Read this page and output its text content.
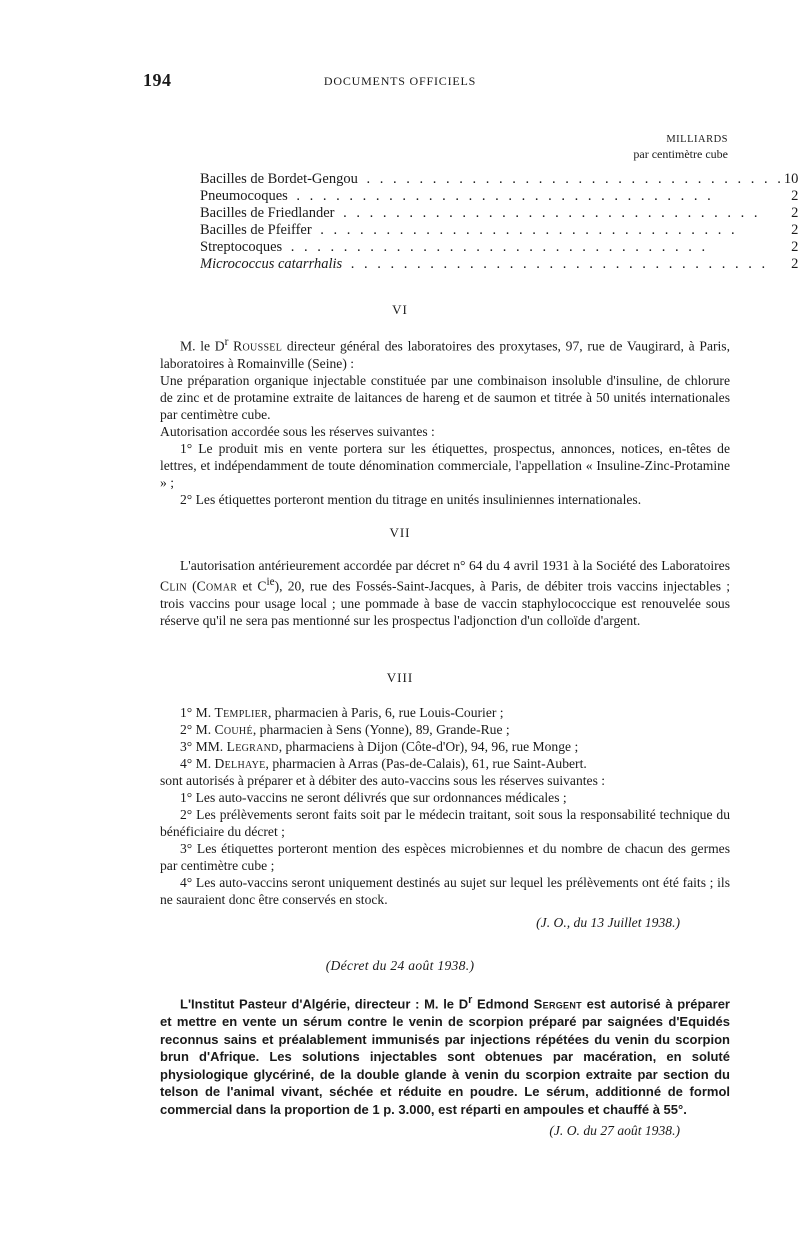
194	DOCUMENTS OFFICIELS
MILLIARDS
par centimètre cube
Bacilles de Bordet-Gengou . . . . . . . . . . . . . . . . . . . . . . . . . . . . . . . .	10
Pneumocoques . . . . . . . . . . . . . . . . . . . . . . . . . . . . . . . .	2
Bacilles de Friedlander . . . . . . . . . . . . . . . . . . . . . . . . . . . . . . . .	2
Bacilles de Pfeiffer . . . . . . . . . . . . . . . . . . . . . . . . . . . . . . . .	2
Streptocoques . . . . . . . . . . . . . . . . . . . . . . . . . . . . . . . .	2
Micrococcus catarrhalis . . . . . . . . . . . . . . . . . . . . . . . . . . . . . . . .	2
VI

M. le $D^r$ Roussel directeur général des laboratoires des proxytases, 97, rue de Vaugirard, à Paris, laboratoires à Romainville (Seine) :

Une préparation organique injectable constituée par une combinaison insoluble d'insuline, de chlorure de zinc et de protamine extraite de laitances de hareng et de saumon et titrée à 50 unités internationales par centimètre cube.

Autorisation accordée sous les réserves suivantes :

1° Le produit mis en vente portera sur les étiquettes, prospectus, annonces, notices, en-têtes de lettres, et indépendamment de toute dénomination commerciale, l'appellation « Insuline-Zinc-Protamine » ;

2° Les étiquettes porteront mention du titrage en unités insuliniennes internationales.

VII

L'autorisation antérieurement accordée par décret n° 64 du 4 avril 1931 à la Société des Laboratoires Clin (Comar et $C^{ie}$), 20, rue des Fossés-Saint-Jacques, à Paris, de débiter trois vaccins injectables ; trois vaccins pour usage local ; une pommade à base de vaccin staphylococcique est renouvelée sous réserve qu'il ne sera pas mentionné sur les prospectus l'adjonction d'un colloïde d'argent.

VIII

1° M. Templier, pharmacien à Paris, 6, rue Louis-Courier ;

2° M. Couhé, pharmacien à Sens (Yonne), 89, Grande-Rue ;

3° MM. Legrand, pharmaciens à Dijon (Côte-d'Or), 94, 96, rue Monge ;

4° M. Delhaye, pharmacien à Arras (Pas-de-Calais), 61, rue Saint-Aubert.

sont autorisés à préparer et à débiter des auto-vaccins sous les réserves suivantes :

1° Les auto-vaccins ne seront délivrés que sur ordonnances médicales ;

2° Les prélèvements seront faits soit par le médecin traitant, soit sous la responsabilité technique du bénéficiaire du décret ;

3° Les étiquettes porteront mention des espèces microbiennes et du nombre de chacun des germes par centimètre cube ;

4° Les auto-vaccins seront uniquement destinés au sujet sur lequel les prélèvements ont été faits ; ils ne sauraient donc être conservés en stock.

(J. O., du 13 Juillet 1938.)

(Décret du 24 août 1938.)

L'Institut Pasteur d'Algérie, directeur : M. le $D^r$ Edmond Sergent est autorisé à préparer et mettre en vente un sérum contre le venin de scorpion préparé par saignées d'Equidés reconnus sains et préalablement immunisés par injections répétées du venin du scorpion brun d'Afrique. Les solutions injectables sont obtenues par macération, en soluté physiologique glycériné, de la double glande à venin du scorpion extraite par section du telson de l'animal vivant, séchée et réduite en poudre. Le sérum, additionné de formol commercial dans la proportion de 1 p. 3.000, est réparti en ampoules et chauffé à 55°.

(J. O. du 27 août 1938.)
